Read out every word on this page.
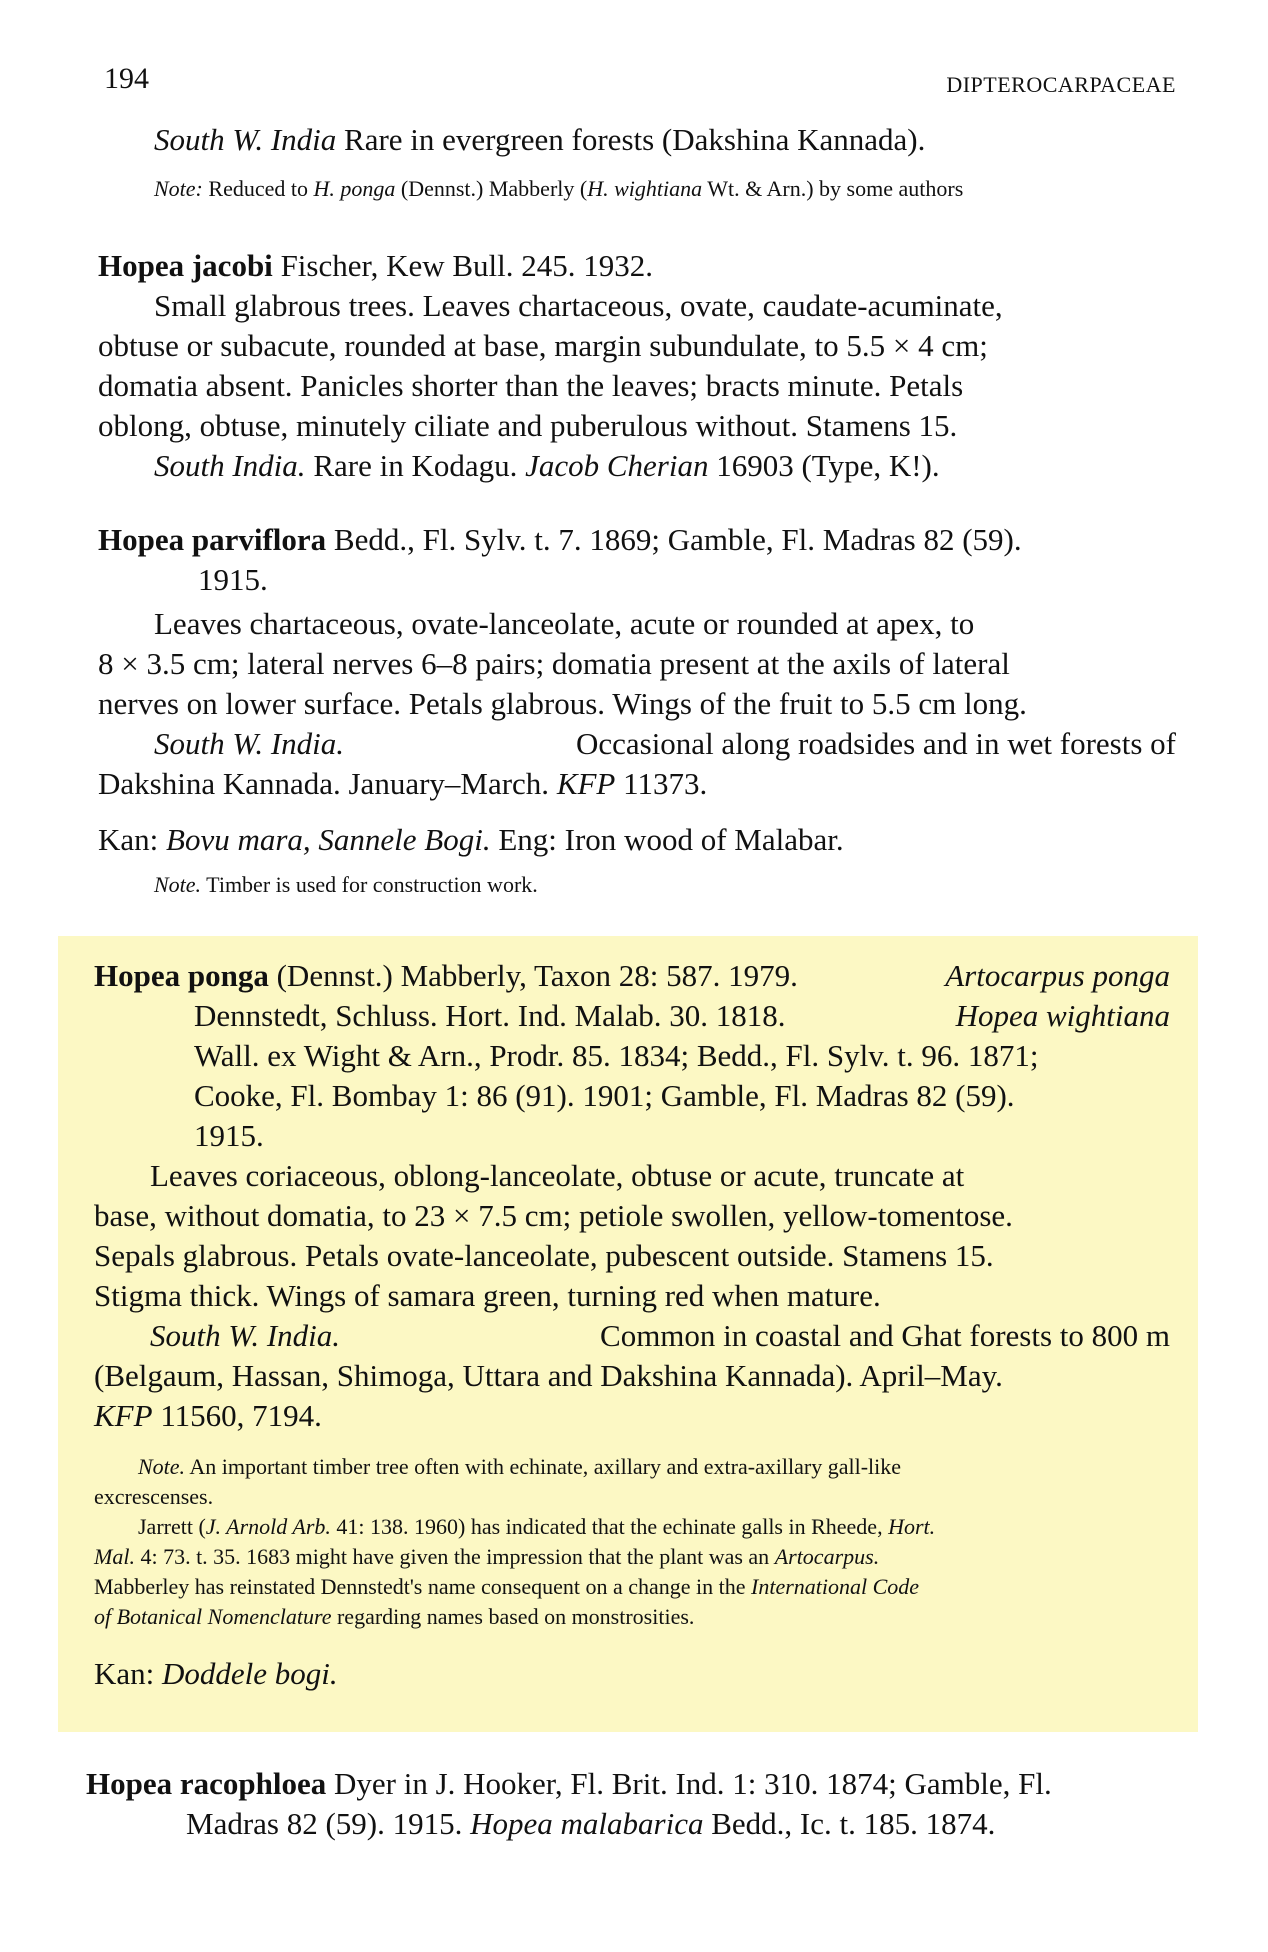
194	DIPTEROCARPACEAE
South W. India Rare in evergreen forests (Dakshina Kannada).
Note: Reduced to H. ponga (Dennst.) Mabberly (H. wightiana Wt. & Arn.) by some authors
Hopea jacobi Fischer, Kew Bull. 245. 1932.
Small glabrous trees. Leaves chartaceous, ovate, caudate-acuminate,
obtuse or subacute, rounded at base, margin subundulate, to 5.5 × 4 cm;
domatia absent. Panicles shorter than the leaves; bracts minute. Petals
oblong, obtuse, minutely ciliate and puberulous without. Stamens 15.
South India. Rare in Kodagu. Jacob Cherian 16903 (Type, K!).
Hopea parviflora Bedd., Fl. Sylv. t. 7. 1869; Gamble, Fl. Madras 82 (59).
1915.
Leaves chartaceous, ovate-lanceolate, acute or rounded at apex, to
8 × 3.5 cm; lateral nerves 6–8 pairs; domatia present at the axils of lateral
nerves on lower surface. Petals glabrous. Wings of the fruit to 5.5 cm long.
South W. India.	Occasional along roadsides and in wet forests of
Dakshina Kannada. January–March. KFP 11373.
Kan: Bovu mara, Sannele Bogi. Eng: Iron wood of Malabar.
Note. Timber is used for construction work.
Hopea ponga (Dennst.) Mabberly, Taxon 28: 587. 1979.	Artocarpus ponga
Dennstedt, Schluss. Hort. Ind. Malab. 30. 1818.	Hopea wightiana
Wall. ex Wight & Arn., Prodr. 85. 1834; Bedd., Fl. Sylv. t. 96. 1871;
Cooke, Fl. Bombay 1: 86 (91). 1901; Gamble, Fl. Madras 82 (59).
1915.
Leaves coriaceous, oblong-lanceolate, obtuse or acute, truncate at
base, without domatia, to 23 × 7.5 cm; petiole swollen, yellow-tomentose.
Sepals glabrous. Petals ovate-lanceolate, pubescent outside. Stamens 15.
Stigma thick. Wings of samara green, turning red when mature.
South W. India.	Common in coastal and Ghat forests to 800 m
(Belgaum, Hassan, Shimoga, Uttara and Dakshina Kannada). April–May.
KFP 11560, 7194.
Note. An important timber tree often with echinate, axillary and extra-axillary gall-like
excrescenses.
Jarrett (J. Arnold Arb. 41: 138. 1960) has indicated that the echinate galls in Rheede, Hort.
Mal. 4: 73. t. 35. 1683 might have given the impression that the plant was an Artocarpus.
Mabberley has reinstated Dennstedt's name consequent on a change in the International Code
of Botanical Nomenclature regarding names based on monstrosities.
Kan: Doddele bogi.
Hopea racophloea Dyer in J. Hooker, Fl. Brit. Ind. 1: 310. 1874; Gamble, Fl.
Madras 82 (59). 1915. Hopea malabarica Bedd., Ic. t. 185. 1874.
